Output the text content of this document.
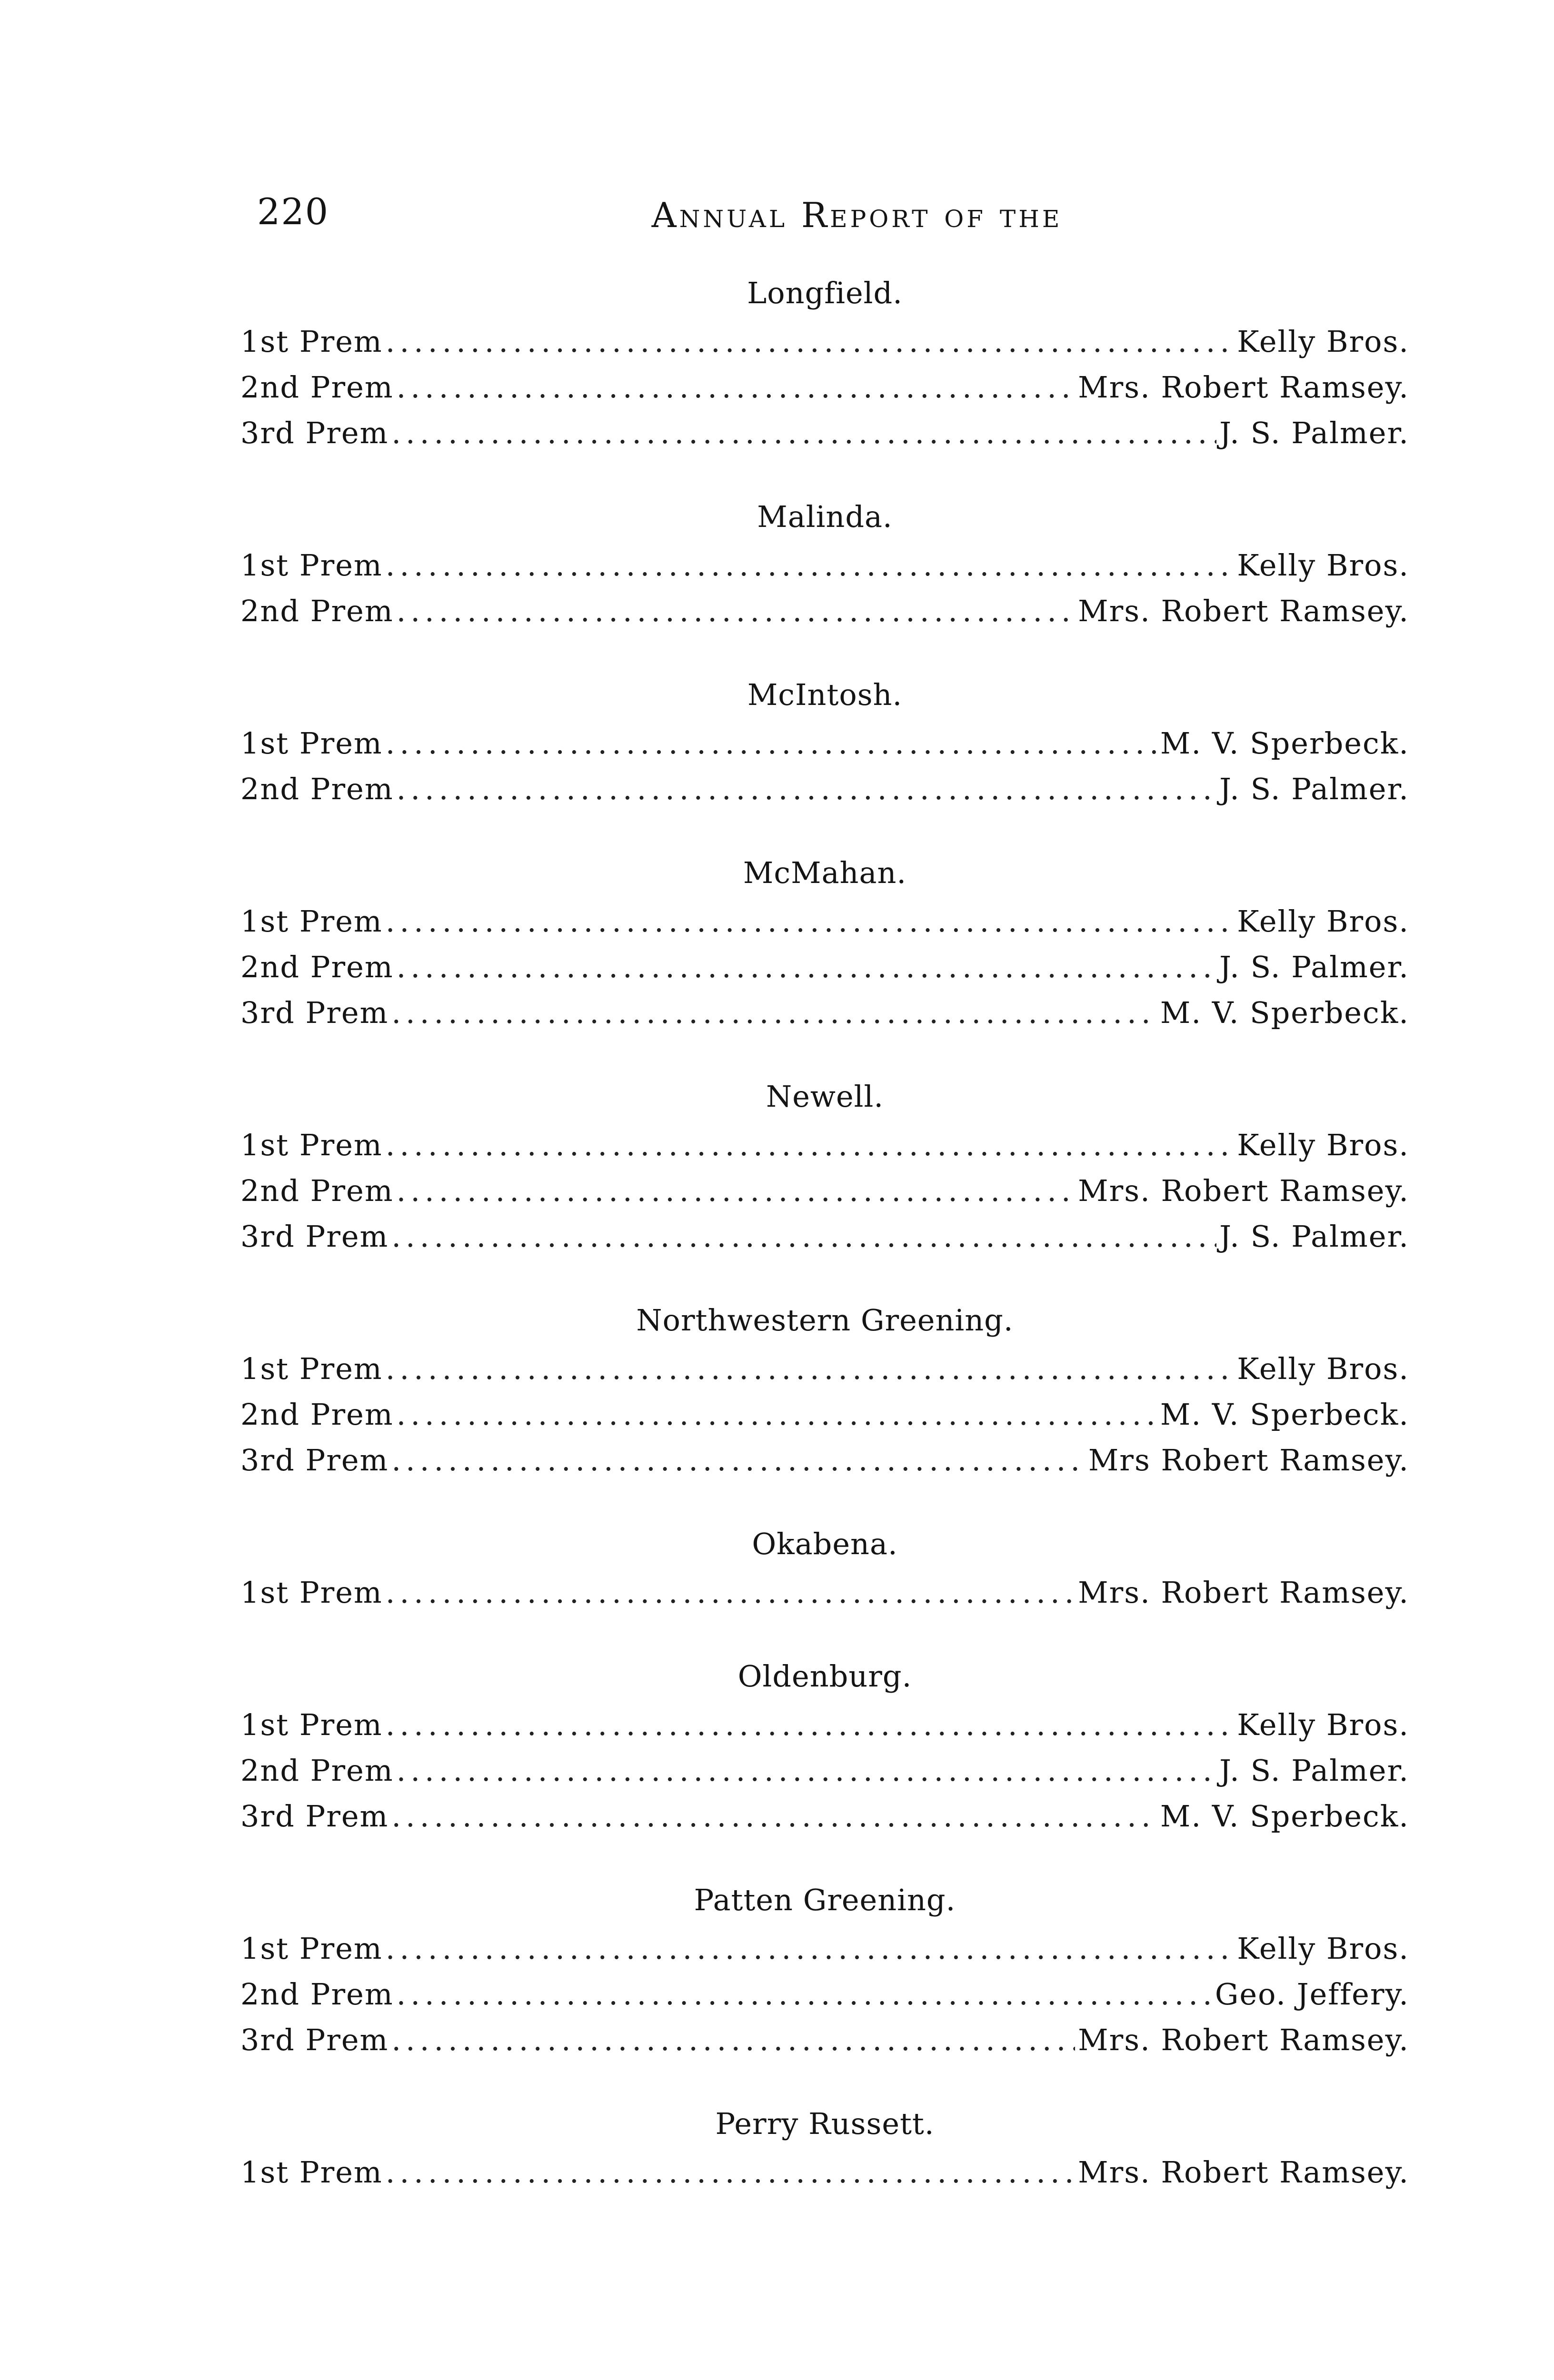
220	Annual Report of the
Longfield.
1st Prem .....	Kelly Bros.
2nd Prem .....	Mrs. Robert Ramsey.
3rd Prem .....	J. S. Palmer.
Malinda.
1st Prem .....	Kelly Bros.
2nd Prem .....	Mrs. Robert Ramsey.
McIntosh.
1st Prem .....	M. V. Sperbeck.
2nd Prem .....	J. S. Palmer.
McMahan.
1st Prem .....	Kelly Bros.
2nd Prem .....	J. S. Palmer.
3rd Prem .....	M. V. Sperbeck.
Newell.
1st Prem .....	Kelly Bros.
2nd Prem .....	Mrs. Robert Ramsey.
3rd Prem .....	J. S. Palmer.
Northwestern Greening.
1st Prem .....	Kelly Bros.
2nd Prem .....	M. V. Sperbeck.
3rd Prem .....	Mrs Robert Ramsey.
Okabena.
1st Prem .....	Mrs. Robert Ramsey.
Oldenburg.
1st Prem .....	Kelly Bros.
2nd Prem .....	J. S. Palmer.
3rd Prem .....	M. V. Sperbeck.
Patten Greening.
1st Prem .....	Kelly Bros.
2nd Prem .....	Geo. Jeffery.
3rd Prem .....	Mrs. Robert Ramsey.
Perry Russett.
1st Prem .....	Mrs. Robert Ramsey.
